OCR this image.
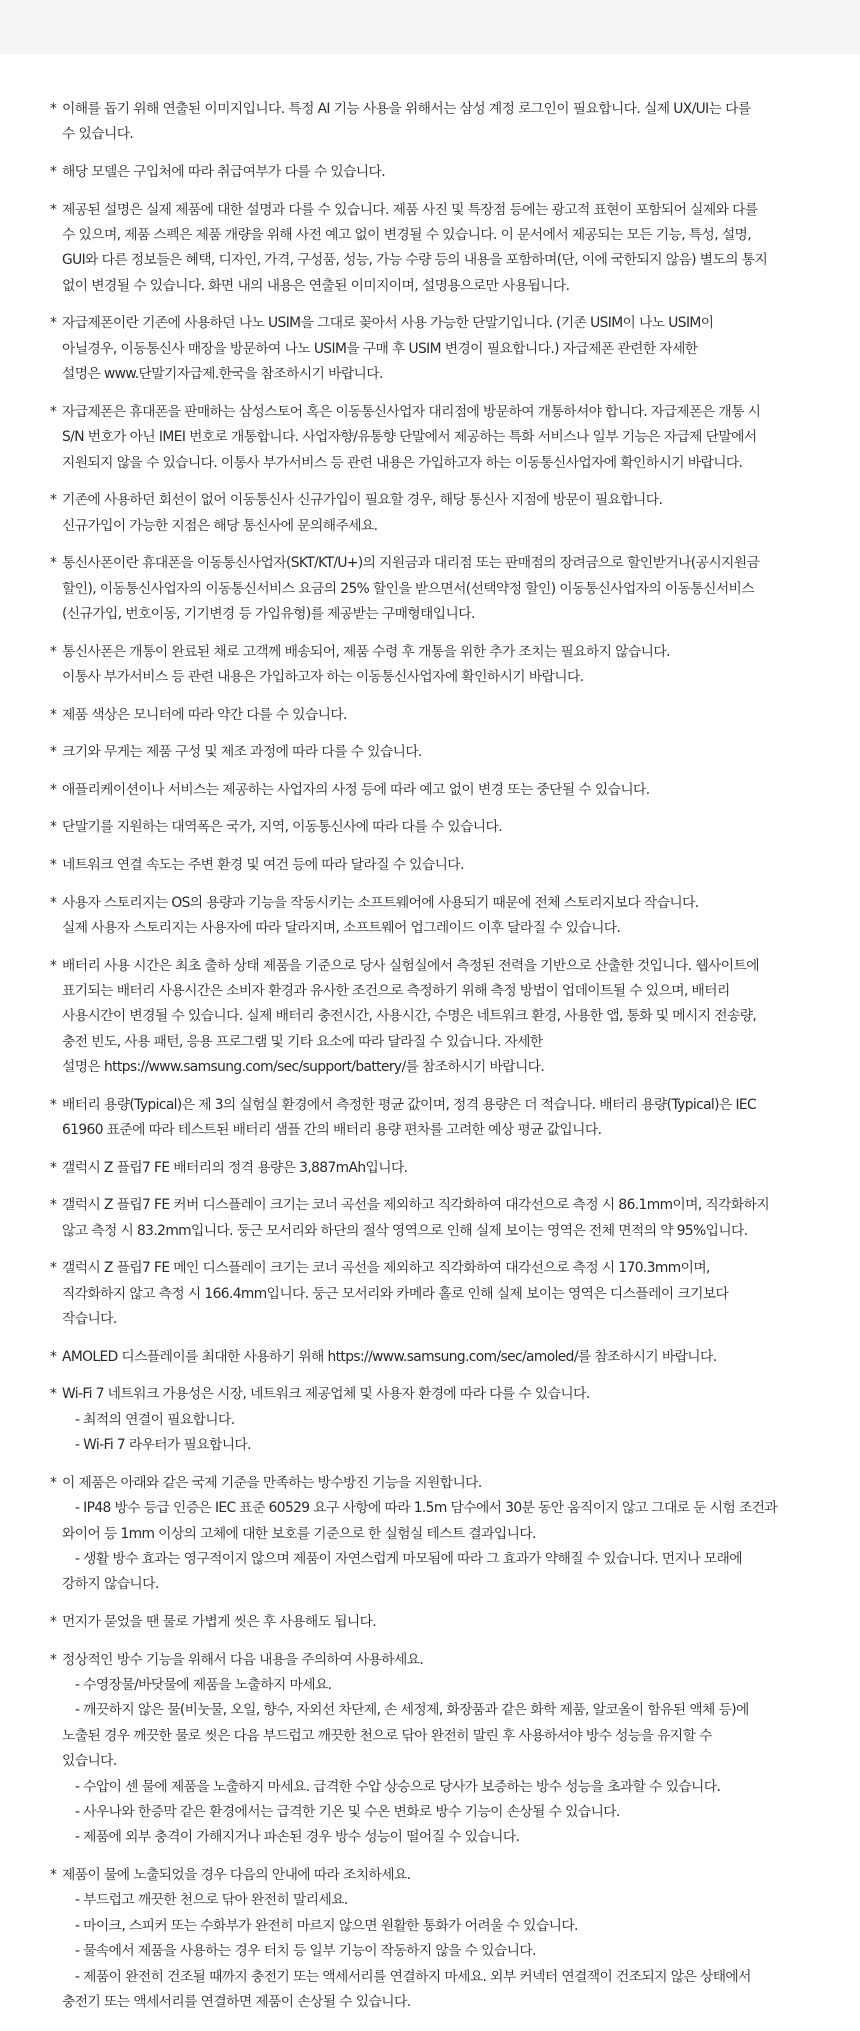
* 이해를 돕기 위해 연출된 이미지입니다. 특정 AI 기능 사용을 위해서는 삼성 계정 로그인이 필요합니다. 실제 UX/UI는 다를
수 있습니다.
* 해당 모델은 구입처에 따라 취급여부가 다를 수 있습니다.
* 제공된 설명은 실제 제품에 대한 설명과 다를 수 있습니다. 제품 사진 및 특장점 등에는 광고적 표현이 포함되어 실제와 다를
수 있으며, 제품 스펙은 제품 개량을 위해 사전 예고 없이 변경될 수 있습니다. 이 문서에서 제공되는 모든 기능, 특성, 설명,
GUI와 다른 정보들은 혜택, 디자인, 가격, 구성품, 성능, 가능 수량 등의 내용을 포함하며(단, 이에 국한되지 않음) 별도의 통지
없이 변경될 수 있습니다. 화면 내의 내용은 연출된 이미지이며, 설명용으로만 사용됩니다.
* 자급제폰이란 기존에 사용하던 나노 USIM을 그대로 꽂아서 사용 가능한 단말기입니다. (기존 USIM이 나노 USIM이
아닐경우, 이동통신사 매장을 방문하여 나노 USIM을 구매 후 USIM 변경이 필요합니다.) 자급제폰 관련한 자세한
설명은 www.단말기자급제.한국을 참조하시기 바랍니다.
* 자급제폰은 휴대폰을 판매하는 삼성스토어 혹은 이동통신사업자 대리점에 방문하여 개통하셔야 합니다. 자급제폰은 개통 시
S/N 번호가 아닌 IMEI 번호로 개통합니다. 사업자향/유통향 단말에서 제공하는 특화 서비스나 일부 기능은 자급제 단말에서
지원되지 않을 수 있습니다. 이통사 부가서비스 등 관련 내용은 가입하고자 하는 이동통신사업자에 확인하시기 바랍니다.
* 기존에 사용하던 회선이 없어 이동통신사 신규가입이 필요할 경우, 해당 통신사 지점에 방문이 필요합니다.
신규가입이 가능한 지점은 해당 통신사에 문의해주세요.
* 통신사폰이란 휴대폰을 이동통신사업자(SKT/KT/U+)의 지원금과 대리점 또는 판매점의 장려금으로 할인받거나(공시지원금
할인), 이동통신사업자의 이동통신서비스 요금의 25% 할인을 받으면서(선택약정 할인) 이동통신사업자의 이동통신서비스
(신규가입, 번호이동, 기기변경 등 가입유형)를 제공받는 구매형태입니다.
* 통신사폰은 개통이 완료된 채로 고객께 배송되어, 제품 수령 후 개통을 위한 추가 조치는 필요하지 않습니다.
이통사 부가서비스 등 관련 내용은 가입하고자 하는 이동통신사업자에 확인하시기 바랍니다.
* 제품 색상은 모니터에 따라 약간 다를 수 있습니다.
* 크기와 무게는 제품 구성 및 제조 과정에 따라 다를 수 있습니다.
* 애플리케이션이나 서비스는 제공하는 사업자의 사정 등에 따라 예고 없이 변경 또는 중단될 수 있습니다.
* 단말기를 지원하는 대역폭은 국가, 지역, 이동통신사에 따라 다를 수 있습니다.
* 네트워크 연결 속도는 주변 환경 및 여건 등에 따라 달라질 수 있습니다.
* 사용자 스토리지는 OS의 용량과 기능을 작동시키는 소프트웨어에 사용되기 때문에 전체 스토리지보다 작습니다.
실제 사용자 스토리지는 사용자에 따라 달라지며, 소프트웨어 업그레이드 이후 달라질 수 있습니다.
* 배터리 사용 시간은 최초 출하 상태 제품을 기준으로 당사 실험실에서 측정된 전력을 기반으로 산출한 것입니다. 웹사이트에
표기되는 배터리 사용시간은 소비자 환경과 유사한 조건으로 측정하기 위해 측정 방법이 업데이트될 수 있으며, 배터리
사용시간이 변경될 수 있습니다. 실제 배터리 충전시간, 사용시간, 수명은 네트워크 환경, 사용한 앱, 통화 및 메시지 전송량,
충전 빈도, 사용 패턴, 응용 프로그램 및 기타 요소에 따라 달라질 수 있습니다. 자세한
설명은 https://www.samsung.com/sec/support/battery/를 참조하시기 바랍니다.
* 배터리 용량(Typical)은 제 3의 실험실 환경에서 측정한 평균 값이며, 정격 용량은 더 적습니다. 배터리 용량(Typical)은 IEC
61960 표준에 따라 테스트된 배터리 샘플 간의 배터리 용량 편차를 고려한 예상 평균 값입니다.
* 갤럭시 Z 플립7 FE 배터리의 정격 용량은 3,887mAh입니다.
* 갤럭시 Z 플립7 FE 커버 디스플레이 크기는 코너 곡선을 제외하고 직각화하여 대각선으로 측정 시 86.1mm이며, 직각화하지
않고 측정 시 83.2mm입니다. 둥근 모서리와 하단의 절삭 영역으로 인해 실제 보이는 영역은 전체 면적의 약 95%입니다.
* 갤럭시 Z 플립7 FE 메인 디스플레이 크기는 코너 곡선을 제외하고 직각화하여 대각선으로 측정 시 170.3mm이며,
직각화하지 않고 측정 시 166.4mm입니다. 둥근 모서리와 카메라 홀로 인해 실제 보이는 영역은 디스플레이 크기보다
작습니다.
* AMOLED 디스플레이를 최대한 사용하기 위해 https://www.samsung.com/sec/amoled/를 참조하시기 바랍니다.
* Wi-Fi 7 네트워크 가용성은 시장, 네트워크 제공업체 및 사용자 환경에 따라 다를 수 있습니다.
- 최적의 연결이 필요합니다.
- Wi-Fi 7 라우터가 필요합니다.
* 이 제품은 아래와 같은 국제 기준을 만족하는 방수방진 기능을 지원합니다.
- IP48 방수 등급 인증은 IEC 표준 60529 요구 사항에 따라 1.5m 담수에서 30분 동안 움직이지 않고 그대로 둔 시험 조건과
와이어 등 1mm 이상의 고체에 대한 보호를 기준으로 한 실험실 테스트 결과입니다.
- 생활 방수 효과는 영구적이지 않으며 제품이 자연스럽게 마모됨에 따라 그 효과가 약해질 수 있습니다. 먼지나 모래에
강하지 않습니다.
* 먼지가 묻었을 땐 물로 가볍게 씻은 후 사용해도 됩니다.
* 정상적인 방수 기능을 위해서 다음 내용을 주의하여 사용하세요.
- 수영장물/바닷물에 제품을 노출하지 마세요.
- 깨끗하지 않은 물(비눗물, 오일, 향수, 자외선 차단제, 손 세정제, 화장품과 같은 화학 제품, 알코올이 함유된 액체 등)에
노출된 경우 깨끗한 물로 씻은 다음 부드럽고 깨끗한 천으로 닦아 완전히 말린 후 사용하셔야 방수 성능을 유지할 수
있습니다.
- 수압이 센 물에 제품을 노출하지 마세요. 급격한 수압 상승으로 당사가 보증하는 방수 성능을 초과할 수 있습니다.
- 사우나와 한증막 같은 환경에서는 급격한 기온 및 수온 변화로 방수 기능이 손상될 수 있습니다.
- 제품에 외부 충격이 가해지거나 파손된 경우 방수 성능이 떨어질 수 있습니다.
* 제품이 물에 노출되었을 경우 다음의 안내에 따라 조치하세요.
- 부드럽고 깨끗한 천으로 닦아 완전히 말리세요.
- 마이크, 스피커 또는 수화부가 완전히 마르지 않으면 원활한 통화가 어려울 수 있습니다.
- 물속에서 제품을 사용하는 경우 터치 등 일부 기능이 작동하지 않을 수 있습니다.
- 제품이 완전히 건조될 때까지 충전기 또는 액세서리를 연결하지 마세요. 외부 커넥터 연결잭이 건조되지 않은 상태에서
충전기 또는 액세서리를 연결하면 제품이 손상될 수 있습니다.
